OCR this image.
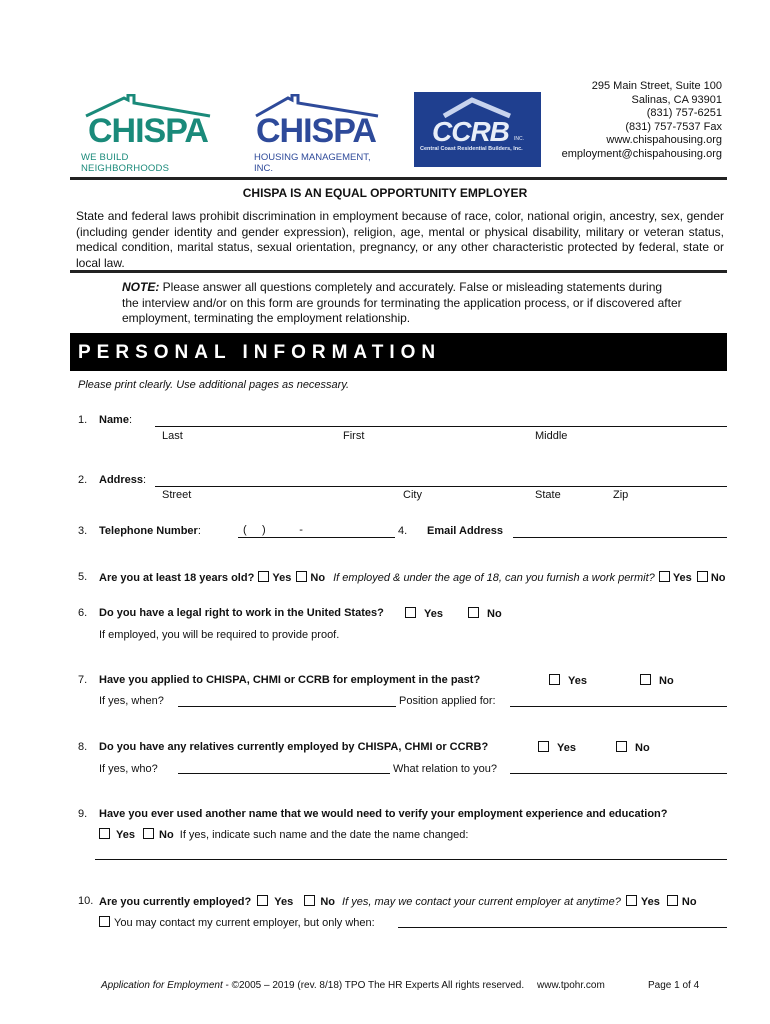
CHISPA
WE BUILD NEIGHBORHOODS
CHISPA
HOUSING MANAGEMENT, INC.
CCRB INC.
Central Coast Residential Builders, Inc.
295 Main Street, Suite 100
Salinas, CA 93901
(831) 757-6251
(831) 757-7537 Fax
www.chispahousing.org
employment@chispahousing.org
CHISPA IS AN EQUAL OPPORTUNITY EMPLOYER
State and federal laws prohibit discrimination in employment because of race, color, national origin, ancestry, sex, gender (including gender identity and gender expression), religion, age, mental or physical disability, military or veteran status, medical condition, marital status, sexual orientation, pregnancy, or any other characteristic protected by federal, state or local law.
NOTE: Please answer all questions completely and accurately. False or misleading statements during the interview and/or on this form are grounds for terminating the application process, or if discovered after employment, terminating the employment relationship.
PERSONAL INFORMATION
Please print clearly. Use additional pages as necessary.
1. Name:
Last	First	Middle
2. Address:
Street	City	State	Zip
3. Telephone Number:	(     )           -	4. Email Address
5. Are you at least 18 years old? Yes No If employed & under the age of 18, can you furnish a work permit? Yes No
6. Do you have a legal right to work in the United States?	Yes	No
If employed, you will be required to provide proof.
7. Have you applied to CHISPA, CHMI or CCRB for employment in the past?	Yes	No
If yes, when?	Position applied for:
8. Do you have any relatives currently employed by CHISPA, CHMI or CCRB?	Yes	No
If yes, who?	What relation to you?
9. Have you ever used another name that we would need to verify your employment experience and education?
Yes No If yes, indicate such name and the date the name changed:
10. Are you currently employed? Yes No If yes, may we contact your current employer at anytime? Yes No
You may contact my current employer, but only when:
Application for Employment - ©2005 – 2019 (rev. 8/18) TPO The HR Experts All rights reserved. www.tpohr.com	Page 1 of 4
